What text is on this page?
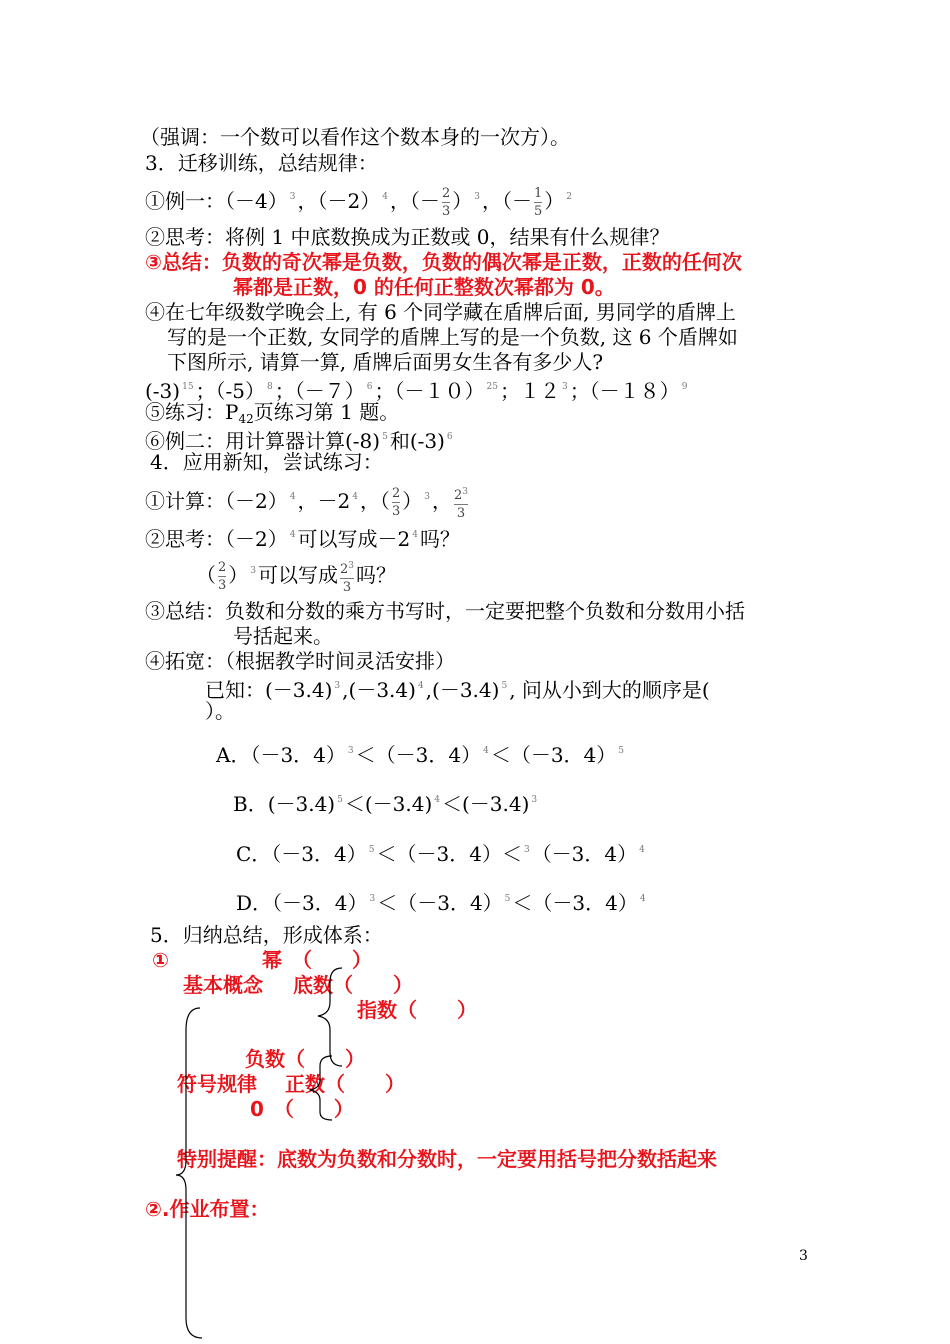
（强调：一个数可以看作这个数本身的一次方）。
3．迁移训练，总结规律：
①例一：（－4） $^3$ ，（－2） $^4$ ，（－ $\frac{2}{3}$ ） $^3$ ，（－ $\frac{1}{5}$ ） $^2$
②思考：将例 1 中底数换成为正数或 0，结果有什么规律？
③总结：负数的奇次幂是负数，负数的偶次幂是正数，正数的任何次
幂都是正数，0 的任何正整数次幂都为 0。
④在七年级数学晚会上, 有 6 个同学藏在盾牌后面, 男同学的盾牌上
写的是一个正数, 女同学的盾牌上写的是一个负数, 这 6 个盾牌如
下图所示, 请算一算, 盾牌后面男女生各有多少人?
(-3) $^{15}$ ；（-5） $^8$ ；（－７） $^6$ ；（－１０） $^{25}$ ；１２ $^3$ ；（－１８） $^9$
⑤练习：$P_{42}$页练习第 1 题。
⑥例二：用计算器计算(-8) $^5$ 和(-3) $^6$
4．应用新知，尝试练习：
①计算：（－2） $^4$ ，－2 $^4$ ，（ $\frac{2}{3}$ ） $^3$ ， $\frac{2^3}{3}$
②思考：（－2） $^4$ 可以写成－2 $^4$ 吗？
（ $\frac{2}{3}$ ） $^3$ 可以写成 $\frac{2^3}{3}$ 吗？
③总结：负数和分数的乘方书写时，一定要把整个负数和分数用小括
号括起来。
④拓宽：（根据教学时间灵活安排）
已知：(－3.4) $^3$ ,(－3.4) $^4$ ,(－3.4) $^5$ , 问从小到大的顺序是(
）。
A．（－3．4） $^3$ ＜（－3．4） $^4$ ＜（－3．4） $^5$
B．(－3.4) $^5$ ＜(－3.4) $^4$ ＜(－3.4) $^3$
C．（－3．4） $^5$ ＜（－3．4）＜ $^3$ （－3．4） $^4$
D．（－3．4） $^3$ ＜（－3．4） $^5$ ＜（－3．4） $^4$
5．归纳总结，形成体系：
①	幂　（　　）
基本概念 底数（　　）
指数（　　）
负数（　　）
符号规律 正数（　　）
0　（　　）
特别提醒：底数为负数和分数时，一定要用括号把分数括起来
②.作业布置：
3
